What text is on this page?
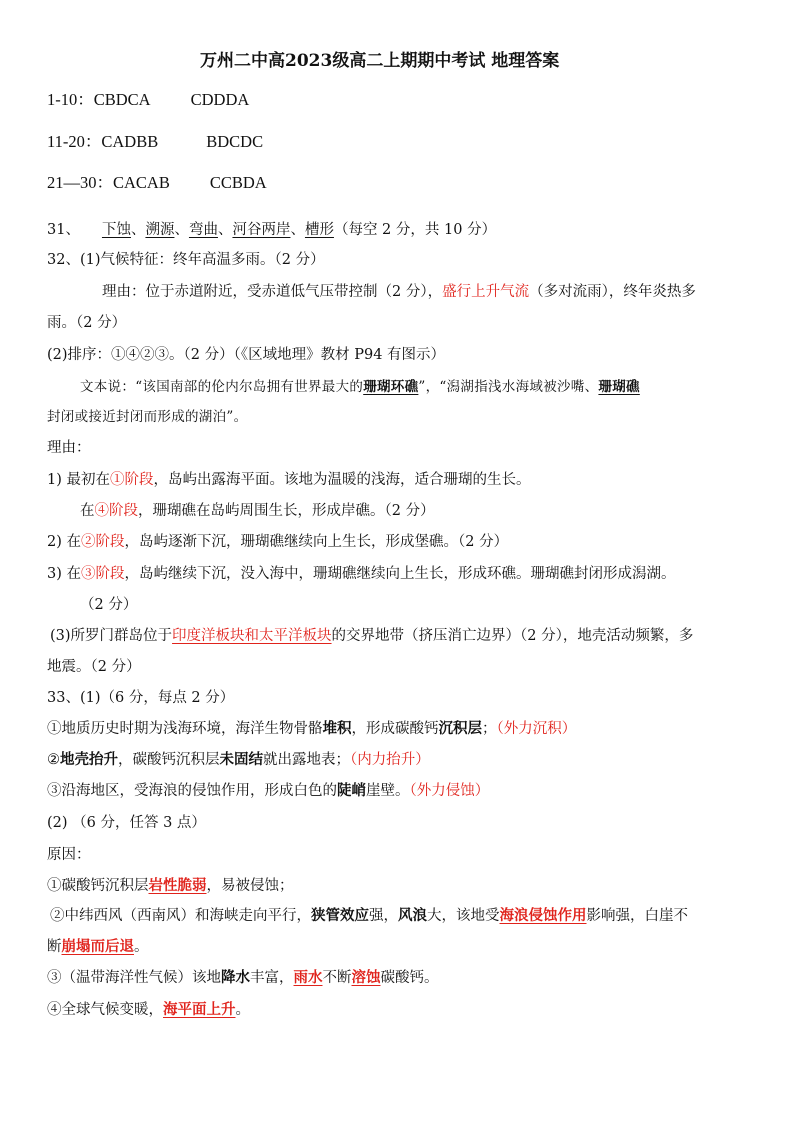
万州二中高2023级高二上期期中考试 地理答案
1-10：CBDCA CDDDA
11-20：CADBB	BDCDC
21—30：CACAB CCBDA
31、 下蚀、溯源、弯曲、河谷两岸、槽形（每空 2 分，共 10 分）
32、(1)气候特征：终年高温多雨。（2 分）
理由：位于赤道附近，受赤道低气压带控制（2 分），盛行上升气流（多对流雨），终年炎热多
雨。（2 分）
(2)排序：①④②③。（2 分）（《区域地理》教材 P94 有图示）
文本说：“该国南部的伦内尔岛拥有世界最大的珊瑚环礁”，“潟湖指浅水海域被沙嘴、珊瑚礁
封闭或接近封闭而形成的湖泊”。
理由：
1) 最初在①阶段，岛屿出露海平面。该地为温暖的浅海，适合珊瑚的生长。
在④阶段，珊瑚礁在岛屿周围生长，形成岸礁。（2 分）
2) 在②阶段，岛屿逐渐下沉，珊瑚礁继续向上生长，形成堡礁。（2 分）
3) 在③阶段，岛屿继续下沉，没入海中，珊瑚礁继续向上生长，形成环礁。珊瑚礁封闭形成潟湖。
（2 分）
(3)所罗门群岛位于印度洋板块和太平洋板块的交界地带（挤压消亡边界）（2 分），地壳活动频繁，多
地震。（2 分）
33、(1)（6 分，每点 2 分）
①地质历史时期为浅海环境，海洋生物骨骼堆积，形成碳酸钙沉积层；（外力沉积）
②地壳抬升，碳酸钙沉积层未固结就出露地表；（内力抬升）
③沿海地区，受海浪的侵蚀作用，形成白色的陡峭崖壁。（外力侵蚀）
(2) （6 分，任答 3 点）
原因：
①碳酸钙沉积层岩性脆弱，易被侵蚀；
②中纬西风（西南风）和海峡走向平行，狭管效应强，风浪大，该地受海浪侵蚀作用影响强，白崖不
断崩塌而后退。
③（温带海洋性气候）该地降水丰富，雨水不断溶蚀碳酸钙。
④全球气候变暖，海平面上升。
